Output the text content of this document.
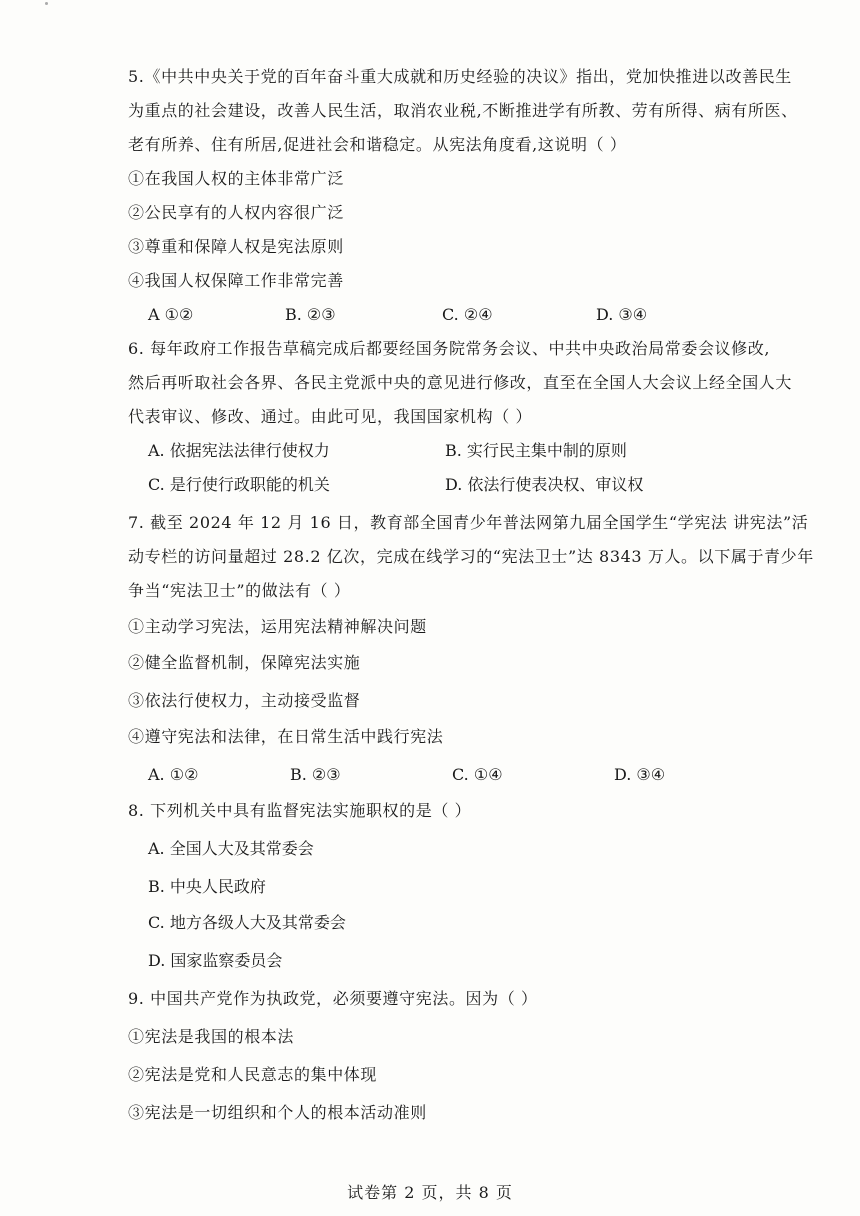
5.《中共中央关于党的百年奋斗重大成就和历史经验的决议》指出，党加快推进以改善民生
为重点的社会建设，改善人民生活，取消农业税,不断推进学有所教、劳有所得、病有所医、
老有所养、住有所居,促进社会和谐稳定。从宪法角度看,这说明（ ）
①在我国人权的主体非常广泛
②公民享有的人权内容很广泛
③尊重和保障人权是宪法原则
④我国人权保障工作非常完善
A ①②	B. ②③	C. ②④	D. ③④
6. 每年政府工作报告草稿完成后都要经国务院常务会议、中共中央政治局常委会议修改,
然后再听取社会各界、各民主党派中央的意见进行修改，直至在全国人大会议上经全国人大
代表审议、修改、通过。由此可见，我国国家机构（ ）
A. 依据宪法法律行使权力	B. 实行民主集中制的原则
C. 是行使行政职能的机关	D. 依法行使表决权、审议权
7. 截至 2024 年 12 月 16 日，教育部全国青少年普法网第九届全国学生“学宪法 讲宪法”活
动专栏的访问量超过 28.2 亿次，完成在线学习的“宪法卫士”达 8343 万人。以下属于青少年
争当“宪法卫士”的做法有（ ）
①主动学习宪法，运用宪法精神解决问题
②健全监督机制，保障宪法实施
③依法行使权力，主动接受监督
④遵守宪法和法律，在日常生活中践行宪法
A. ①②	B. ②③	C. ①④	D. ③④
8. 下列机关中具有监督宪法实施职权的是（ ）
A. 全国人大及其常委会
B. 中央人民政府
C. 地方各级人大及其常委会
D. 国家监察委员会
9. 中国共产党作为执政党，必须要遵守宪法。因为（ ）
①宪法是我国的根本法
②宪法是党和人民意志的集中体现
③宪法是一切组织和个人的根本活动准则
试卷第 2 页，共 8 页
